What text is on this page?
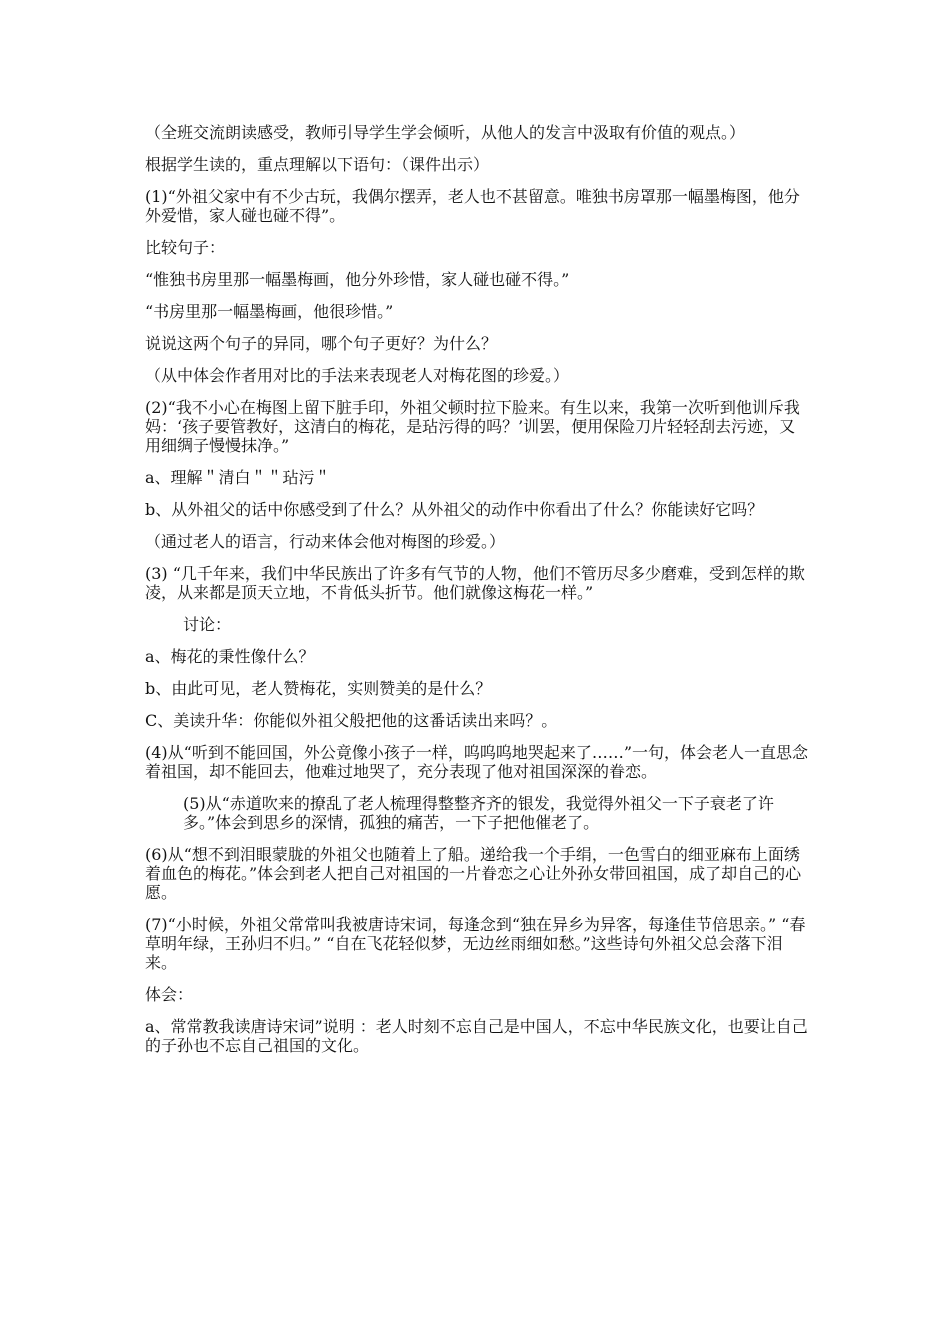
（全班交流朗读感受，教师引导学生学会倾听，从他人的发言中汲取有价值的观点。）

根据学生读的，重点理解以下语句：（课件出示）

(1)“外祖父家中有不少古玩，我偶尔摆弄，老人也不甚留意。唯独书房罩那一幅墨梅图，他分外爱惜，家人碰也碰不得”。

比较句子：

“惟独书房里那一幅墨梅画，他分外珍惜，家人碰也碰不得。”

“书房里那一幅墨梅画，他很珍惜。”

说说这两个句子的异同，哪个句子更好？为什么？

（从中体会作者用对比的手法来表现老人对梅花图的珍爱。）

(2)“我不小心在梅图上留下脏手印，外祖父顿时拉下脸来。有生以来，我第一次听到他训斥我妈：‘孩子要管教好，这清白的梅花，是玷污得的吗？’训罢，便用保险刀片轻轻刮去污迹，又用细绸子慢慢抹净。”

a、理解＂清白＂＂玷污＂

b、从外祖父的话中你感受到了什么？从外祖父的动作中你看出了什么？你能读好它吗？

（通过老人的语言，行动来体会他对梅图的珍爱。）

(3) “几千年来，我们中华民族出了许多有气节的人物，他们不管历尽多少磨难，受到怎样的欺凌，从来都是顶天立地，不肯低头折节。他们就像这梅花一样。”

讨论：

a、梅花的秉性像什么？

b、由此可见，老人赞梅花，实则赞美的是什么？

C、美读升华：你能似外祖父般把他的这番话读出来吗？。

(4)从“听到不能回国，外公竟像小孩子一样，呜呜呜地哭起来了……”一句，体会老人一直思念着祖国，却不能回去，他难过地哭了，充分表现了他对祖国深深的眷恋。

(5)从“赤道吹来的撩乱了老人梳理得整整齐齐的银发，我觉得外祖父一下子衰老了许多。”体会到思乡的深情，孤独的痛苦，一下子把他催老了。

(6)从“想不到泪眼蒙胧的外祖父也随着上了船。递给我一个手绢，一色雪白的细亚麻布上面绣着血色的梅花。”体会到老人把自己对祖国的一片眷恋之心让外孙女带回祖国，成了却自己的心愿。

(7)“小时候，外祖父常常叫我被唐诗宋词，每逢念到“独在异乡为异客，每逢佳节倍思亲。” “春草明年绿，王孙归不归。” “自在飞花轻似梦，无边丝雨细如愁。”这些诗句外祖父总会落下泪来。

体会：

a、常常教我读唐诗宋词”说明 ：老人时刻不忘自己是中国人，不忘中华民族文化，也要让自己的子孙也不忘自己祖国的文化。
